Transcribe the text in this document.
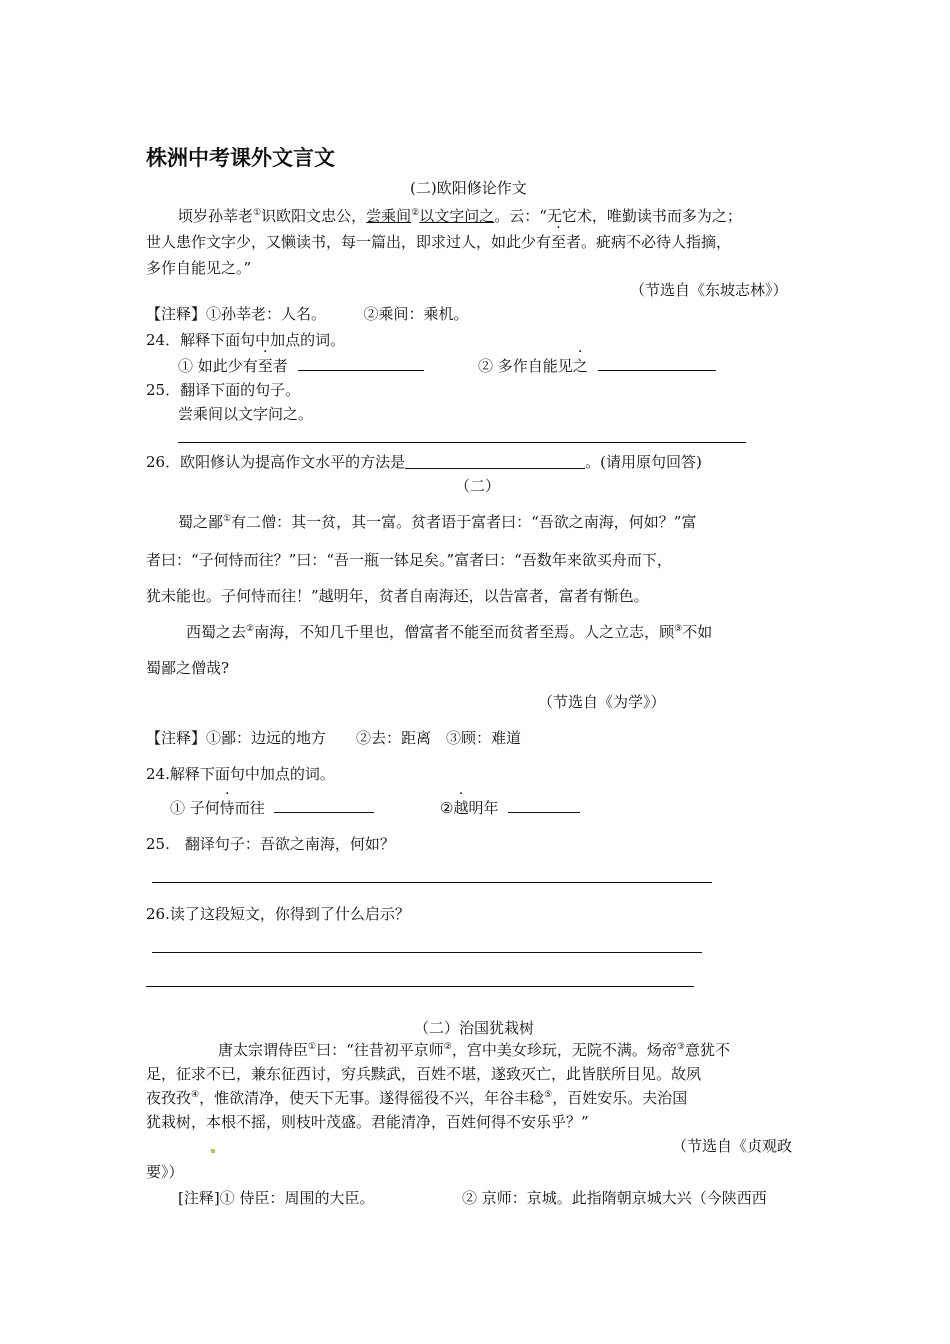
株洲中考课外文言文
(二)欧阳修论作文
顷岁孙莘老①识欧阳文忠公，尝乘间②以文字问之。云：“无它术，唯勤读书而多为之；
世人患作文字少，又懒读书，每一篇出，即求过人，如此少有至者。疵病不必待人指摘，
多作自能见之。”
（节选自《东坡志林》）
【注释】①孙莘老：人名。　　　②乘间：乘机。
24．解释下面句中加点的词。
① 如此少有至者	② 多作自能见之
25．翻译下面的句子。
尝乘间以文字问之。
26．欧阳修认为提高作文水平的方法是	。(请用原句回答)
（二）
蜀之鄙①有二僧：其一贫，其一富。贫者语于富者曰：“吾欲之南海，何如？”富
者曰：“子何恃而往？”曰：“吾一瓶一钵足矣。”富者曰：“吾数年来欲买舟而下，
犹未能也。子何恃而往！”越明年，贫者自南海还，以告富者，富者有惭色。
西蜀之去②南海，不知几千里也，僧富者不能至而贫者至焉。人之立志，顾③不如
蜀鄙之僧哉?
（节选自《为学》）
【注释】①鄙：边远的地方　　②去：距离　③顾：难道
24.解释下面句中加点的词。
① 子何恃而往	②越明年
25.　翻译句子：吾欲之南海，何如？
26.读了这段短文，你得到了什么启示？
（二）治国犹栽树
唐太宗谓侍臣①曰：“往昔初平京师②，宫中美女珍玩，无院不满。炀帝③意犹不
足，征求不已，兼东征西讨，穷兵黩武，百姓不堪，遂致灭亡，此皆朕所目见。故夙
夜孜孜④，惟欲清净，使天下无事。遂得徭役不兴，年谷丰稔⑤，百姓安乐。夫治国
犹栽树，本根不摇，则枝叶茂盛。君能清净，百姓何得不安乐乎？”
（节选自《贞观政
要》）
[注释]① 侍臣：周围的大臣。	② 京师：京城。此指隋朝京城大兴（今陕西西
